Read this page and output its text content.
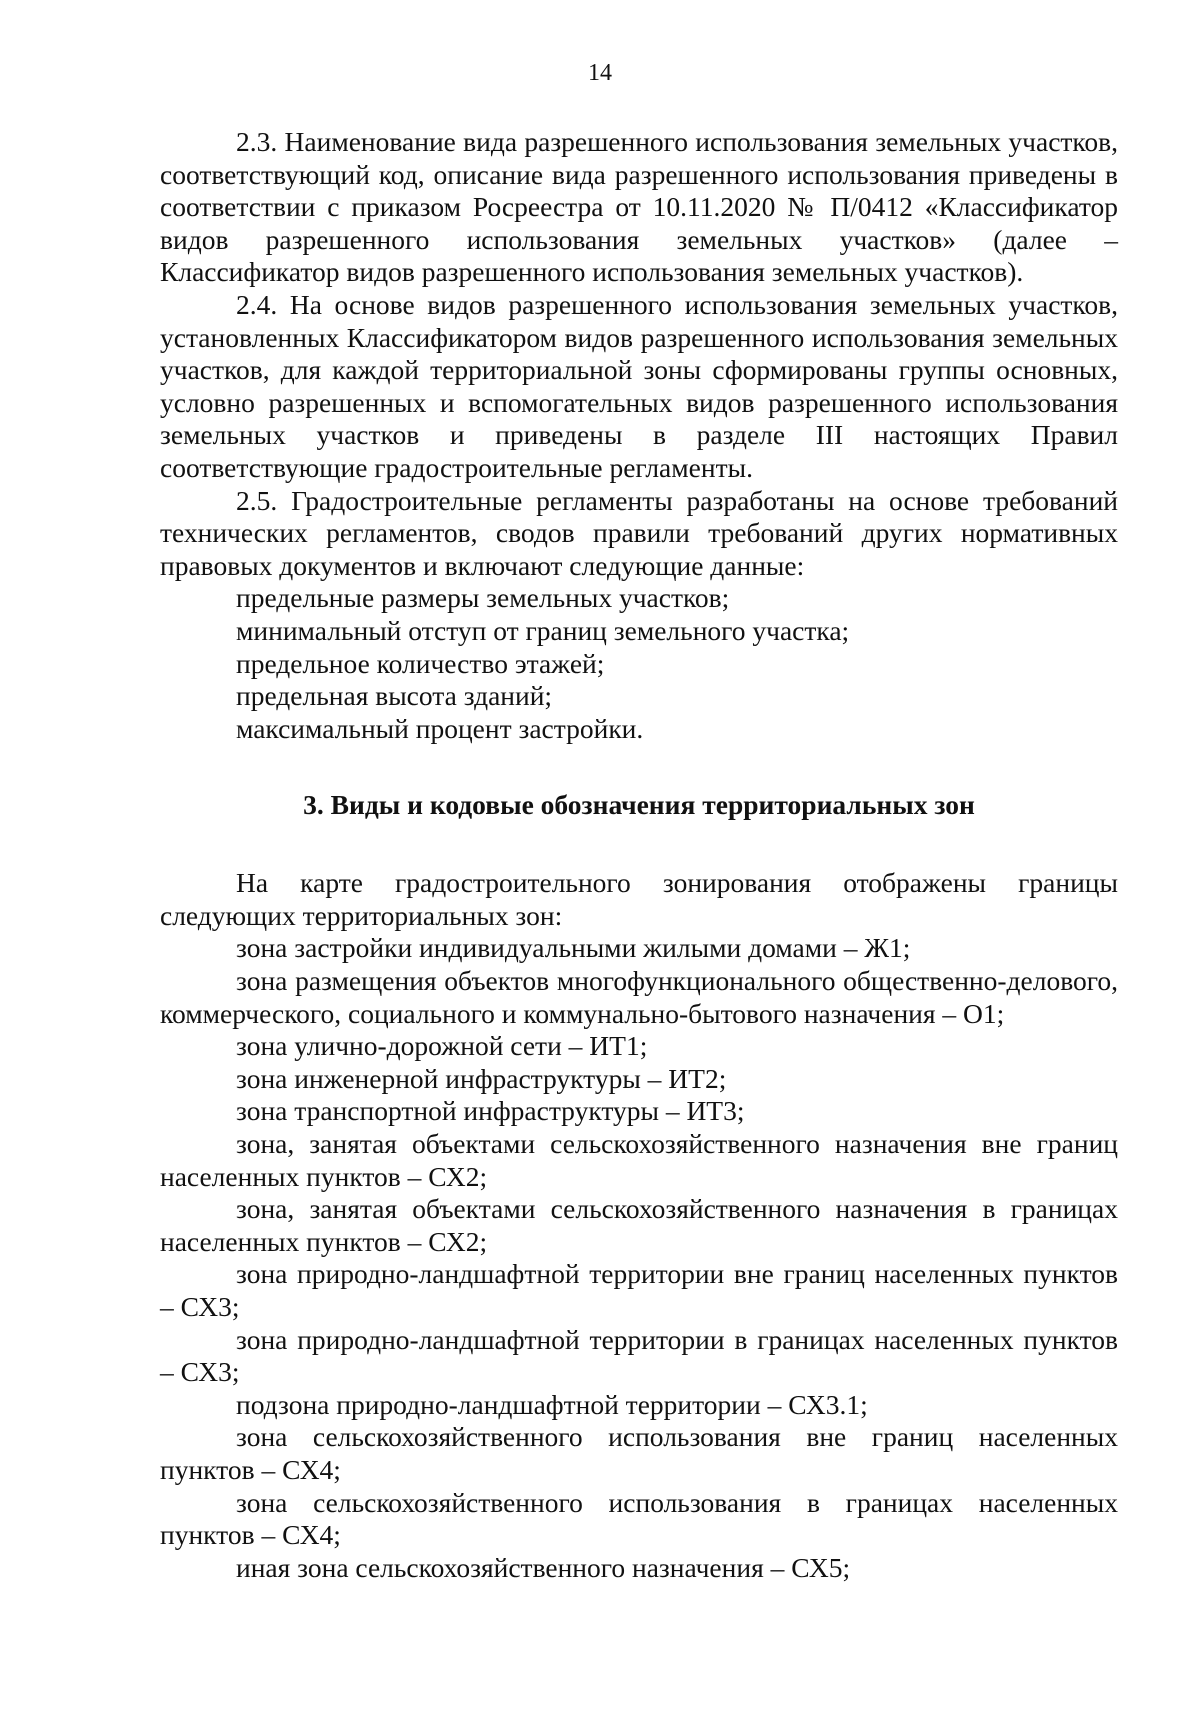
14

2.3. Наименование вида разрешенного использования земельных участков, соответствующий код, описание вида разрешенного использования приведены в соответствии с приказом Росреестра от 10.11.2020 № П/0412 «Классификатор видов разрешенного использования земельных участков» (далее – Классификатор видов разрешенного использования земельных участков).

2.4. На основе видов разрешенного использования земельных участков, установленных Классификатором видов разрешенного использования земельных участков, для каждой территориальной зоны сформированы группы основных, условно разрешенных и вспомогательных видов разрешенного использования земельных участков и приведены в разделе III настоящих Правил соответствующие градостроительные регламенты.

2.5. Градостроительные регламенты разработаны на основе требований технических регламентов, сводов правили требований других нормативных правовых документов и включают следующие данные:

предельные размеры земельных участков;

минимальный отступ от границ земельного участка;

предельное количество этажей;

предельная высота зданий;

максимальный процент застройки.

3. Виды и кодовые обозначения территориальных зон

На карте градостроительного зонирования отображены границы следующих территориальных зон:

зона застройки индивидуальными жилыми домами – Ж1;

зона размещения объектов многофункционального общественно-делового, коммерческого, социального и коммунально-бытового назначения – О1;

зона улично-дорожной сети – ИТ1;

зона инженерной инфраструктуры – ИТ2;

зона транспортной инфраструктуры – ИТ3;

зона, занятая объектами сельскохозяйственного назначения вне границ населенных пунктов – СХ2;

зона, занятая объектами сельскохозяйственного назначения в границах населенных пунктов – СХ2;

зона природно-ландшафтной территории вне границ населенных пунктов – СХ3;

зона природно-ландшафтной территории в границах населенных пунктов – СХ3;

подзона природно-ландшафтной территории – СХ3.1;

зона сельскохозяйственного использования вне границ населенных пунктов – СХ4;

зона сельскохозяйственного использования в границах населенных пунктов – СХ4;

иная зона сельскохозяйственного назначения – СХ5;
